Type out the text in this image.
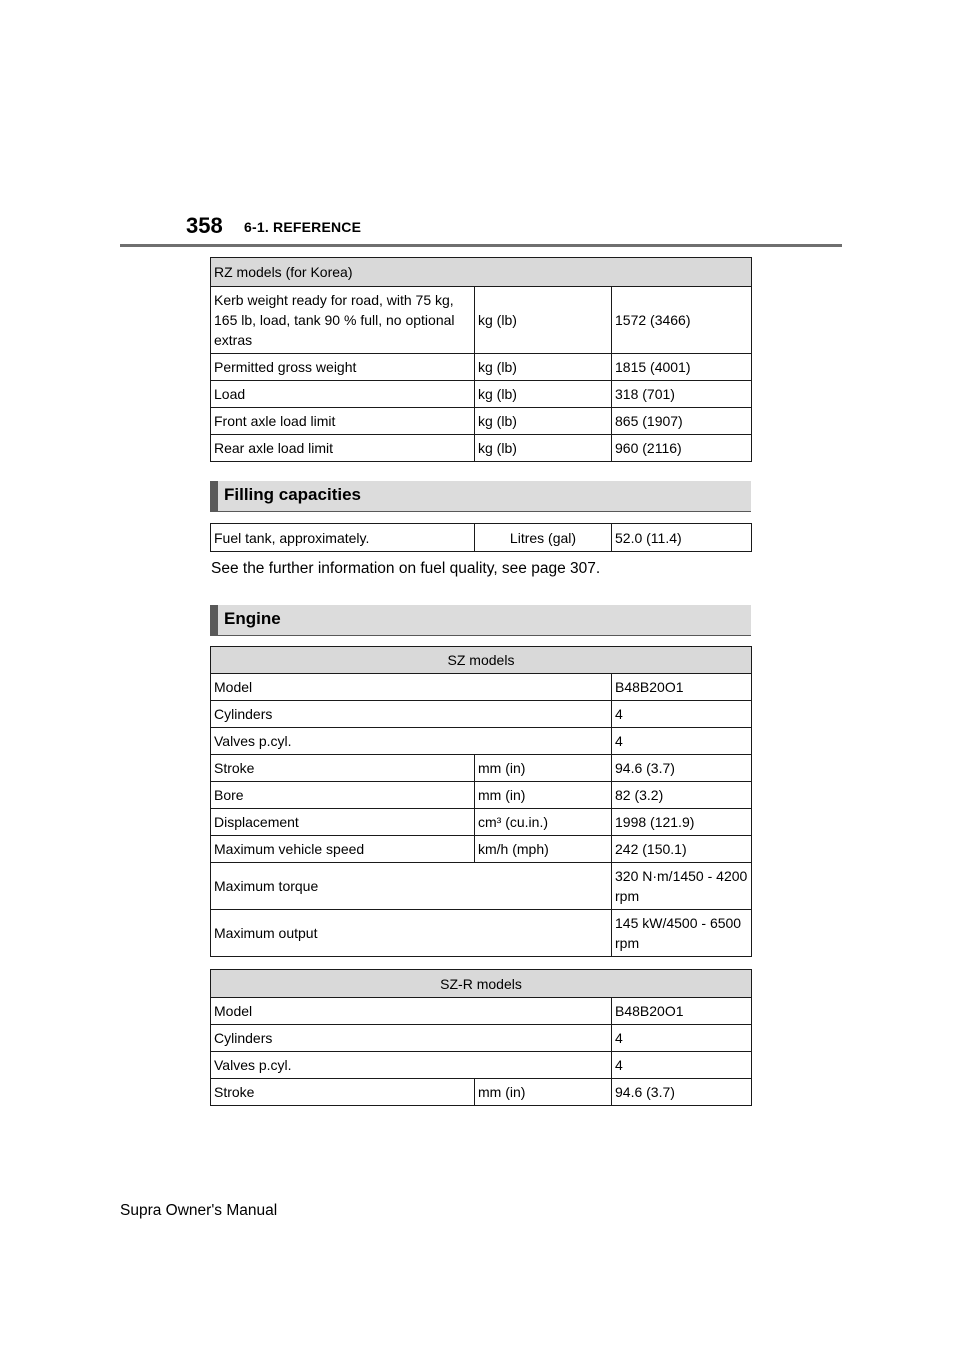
358 6-1. REFERENCE
RZ models (for Korea)		
Kerb weight ready for road, with 75 kg, 165 lb, load, tank 90 % full, no optional extras	kg (lb)	1572 (3466)
Permitted gross weight	kg (lb)	1815 (4001)
Load	kg (lb)	318 (701)
Front axle load limit	kg (lb)	865 (1907)
Rear axle load limit	kg (lb)	960 (2116)
Filling capacities
Fuel tank, approximately.	Litres (gal)	52.0 (11.4)
See the further information on fuel quality, see page 307.
Engine
SZ models		
Model		B48B20O1
Cylinders		4
Valves p.cyl.		4
Stroke	mm (in)	94.6 (3.7)
Bore	mm (in)	82 (3.2)
Displacement	cm³ (cu.in.)	1998 (121.9)
Maximum vehicle speed	km/h (mph)	242 (150.1)
Maximum torque		320 N·m/1450 - 4200 rpm
Maximum output		145 kW/4500 - 6500 rpm
SZ-R models		
Model		B48B20O1
Cylinders		4
Valves p.cyl.		4
Stroke	mm (in)	94.6 (3.7)
Supra Owner's Manual
